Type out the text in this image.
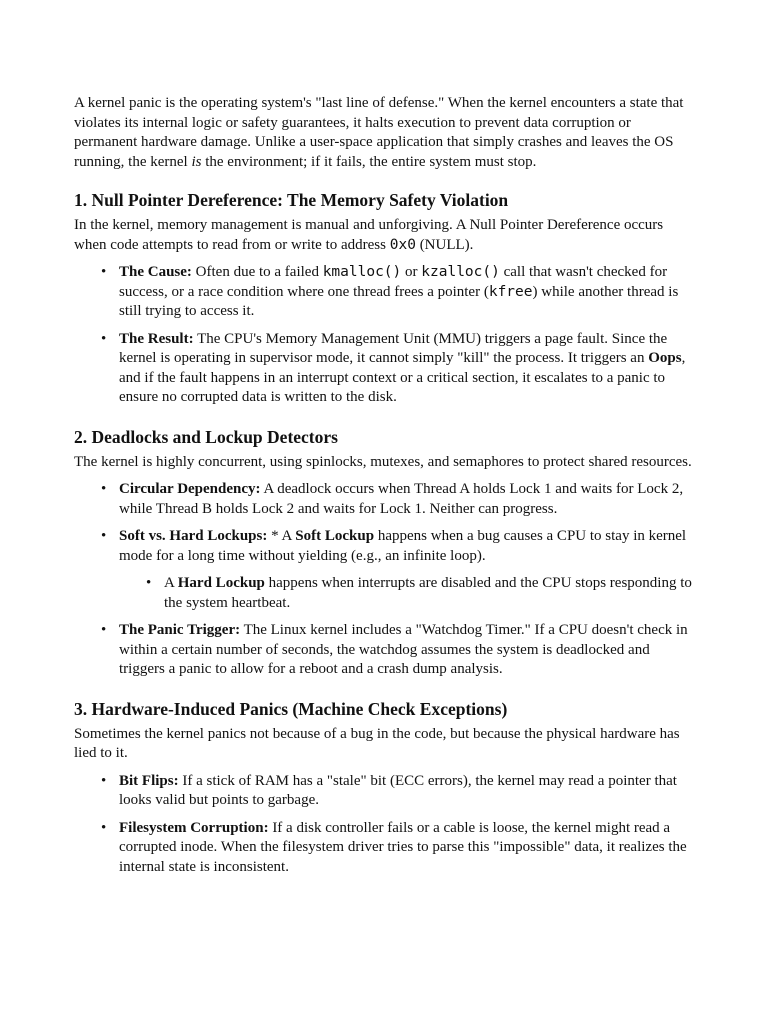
A kernel panic is the operating system's "last line of defense." When the kernel encounters a state that violates its internal logic or safety guarantees, it halts execution to prevent data corruption or permanent hardware damage. Unlike a user-space application that simply crashes and leaves the OS running, the kernel is the environment; if it fails, the entire system must stop.

1. Null Pointer Dereference: The Memory Safety Violation

In the kernel, memory management is manual and unforgiving. A Null Pointer Dereference occurs when code attempts to read from or write to address 0x0 (NULL).

• The Cause: Often due to a failed kmalloc() or kzalloc() call that wasn't checked for success, or a race condition where one thread frees a pointer (kfree) while another thread is still trying to access it.
• The Result: The CPU's Memory Management Unit (MMU) triggers a page fault. Since the kernel is operating in supervisor mode, it cannot simply "kill" the process. It triggers an Oops, and if the fault happens in an interrupt context or a critical section, it escalates to a panic to ensure no corrupted data is written to the disk.
2. Deadlocks and Lockup Detectors

The kernel is highly concurrent, using spinlocks, mutexes, and semaphores to protect shared resources.

• Circular Dependency: A deadlock occurs when Thread A holds Lock 1 and waits for Lock 2, while Thread B holds Lock 2 and waits for Lock 1. Neither can progress.
• Soft vs. Hard Lockups: * A Soft Lockup happens when a bug causes a CPU to stay in kernel mode for a long time without yielding (e.g., an infinite loop).
• A Hard Lockup happens when interrupts are disabled and the CPU stops responding to the system heartbeat.
• The Panic Trigger: The Linux kernel includes a "Watchdog Timer." If a CPU doesn't check in within a certain number of seconds, the watchdog assumes the system is deadlocked and triggers a panic to allow for a reboot and a crash dump analysis.
3. Hardware-Induced Panics (Machine Check Exceptions)

Sometimes the kernel panics not because of a bug in the code, but because the physical hardware has lied to it.

• Bit Flips: If a stick of RAM has a "stale" bit (ECC errors), the kernel may read a pointer that looks valid but points to garbage.
• Filesystem Corruption: If a disk controller fails or a cable is loose, the kernel might read a corrupted inode. When the filesystem driver tries to parse this "impossible" data, it realizes the internal state is inconsistent.
